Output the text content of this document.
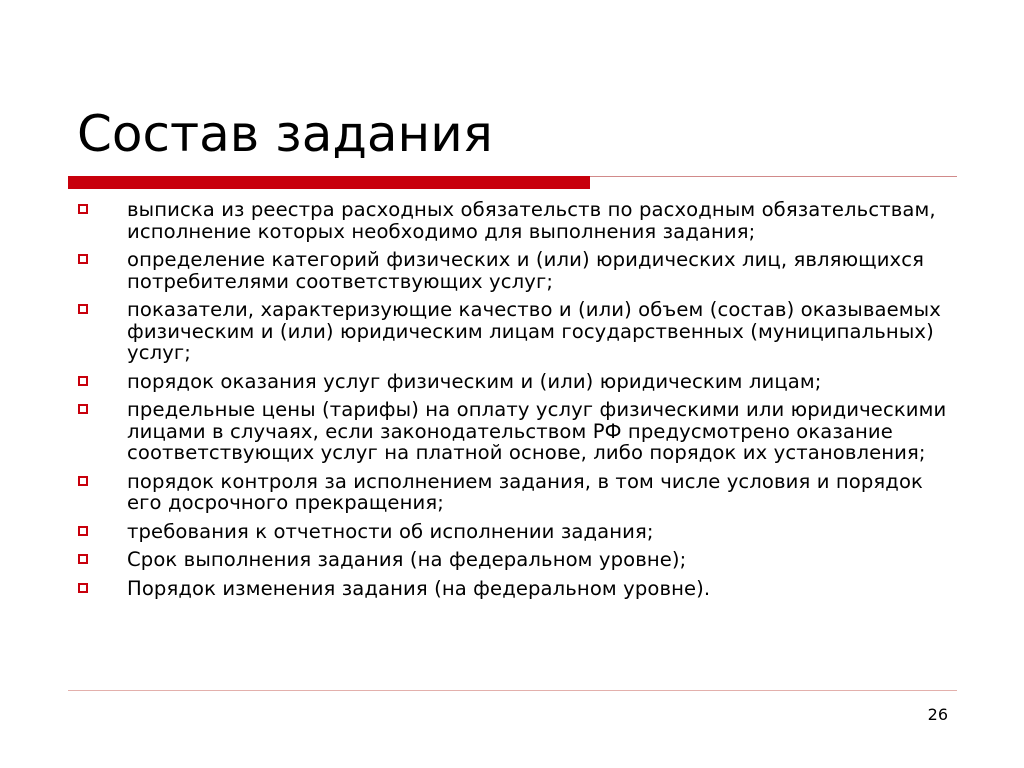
Состав задания
выписка из реестра расходных обязательств по расходным обязательствам, исполнение которых необходимо для выполнения задания;
определение категорий физических и (или) юридических лиц, являющихся потребителями соответствующих услуг;
показатели, характеризующие качество и (или) объем (состав) оказываемых физическим и (или) юридическим лицам государственных (муниципальных) услуг;
порядок оказания услуг физическим и (или) юридическим лицам;
предельные цены (тарифы) на оплату услуг физическими или юридическими лицами в случаях, если законодательством РФ предусмотрено оказание соответствующих услуг на платной основе, либо порядок их установления;
порядок контроля за исполнением задания, в том числе условия и порядок его досрочного прекращения;
требования к отчетности об исполнении задания;
Срок выполнения задания (на федеральном уровне);
Порядок изменения задания (на федеральном уровне).
26
